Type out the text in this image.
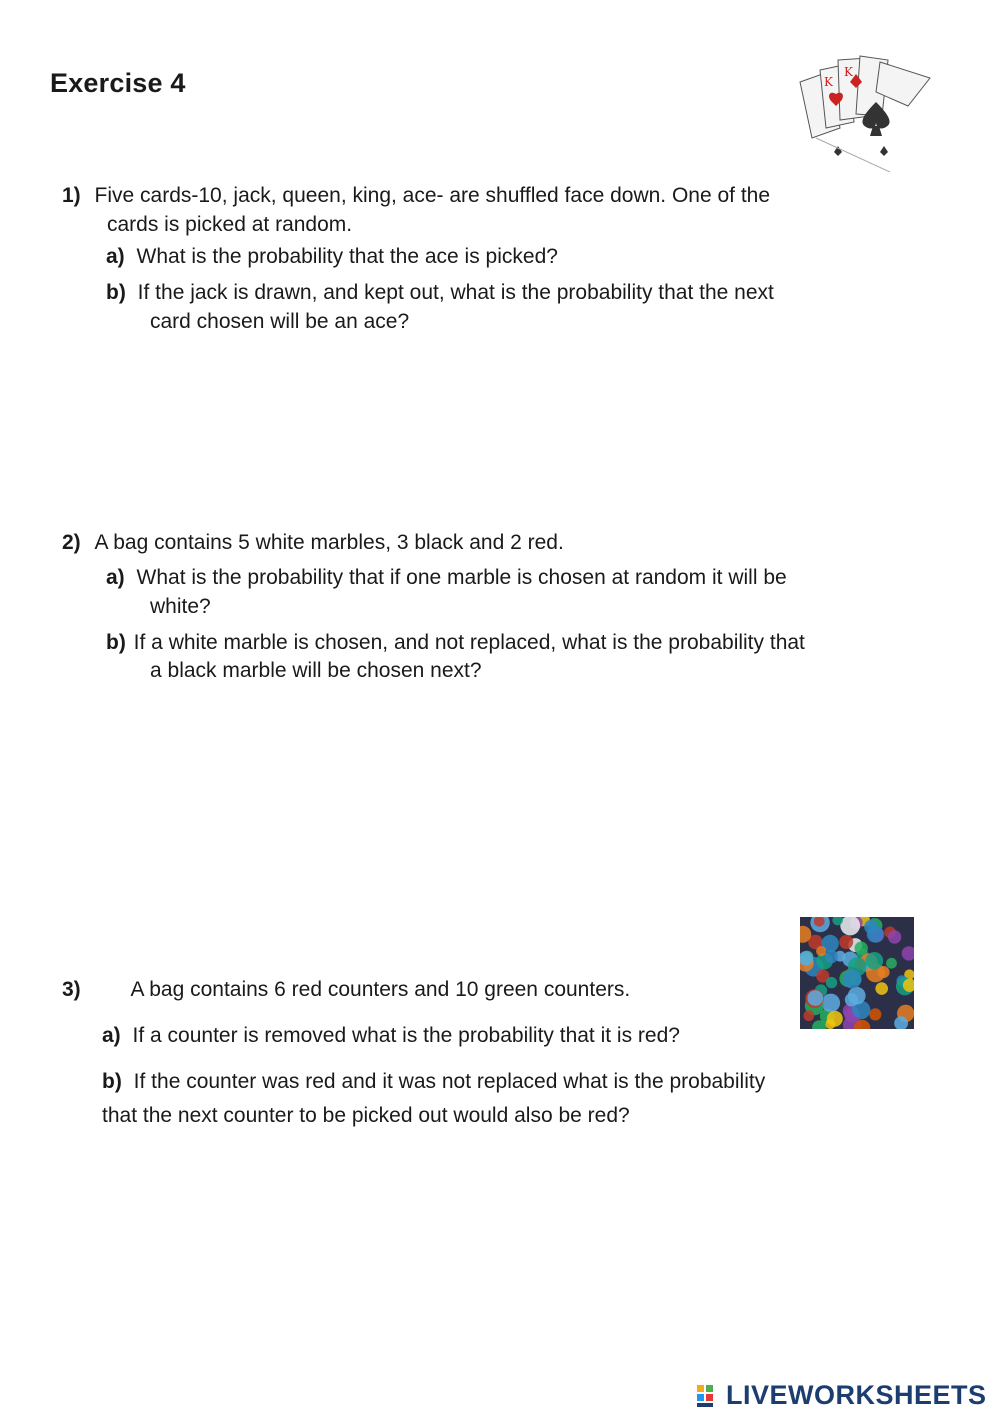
Exercise 4	K
K
1) Five cards-10, jack, queen, king, ace- are shuffled face down. One of the
cards is picked at random.
a) What is the probability that the ace is picked?
b) If the jack is drawn, and kept out, what is the probability that the next
card chosen will be an ace?
2) A bag contains 5 white marbles, 3 black and 2 red.
a) What is the probability that if one marble is chosen at random it will be
white?
b) If a white marble is chosen, and not replaced, what is the probability that
a black marble will be chosen next?
3) A bag contains 6 red counters and 10 green counters.
a) If a counter is removed what is the probability that it is red?
b) If the counter was red and it was not replaced what is the probability
that the next counter to be picked out would also be red?
LIVEWORKSHEETS
